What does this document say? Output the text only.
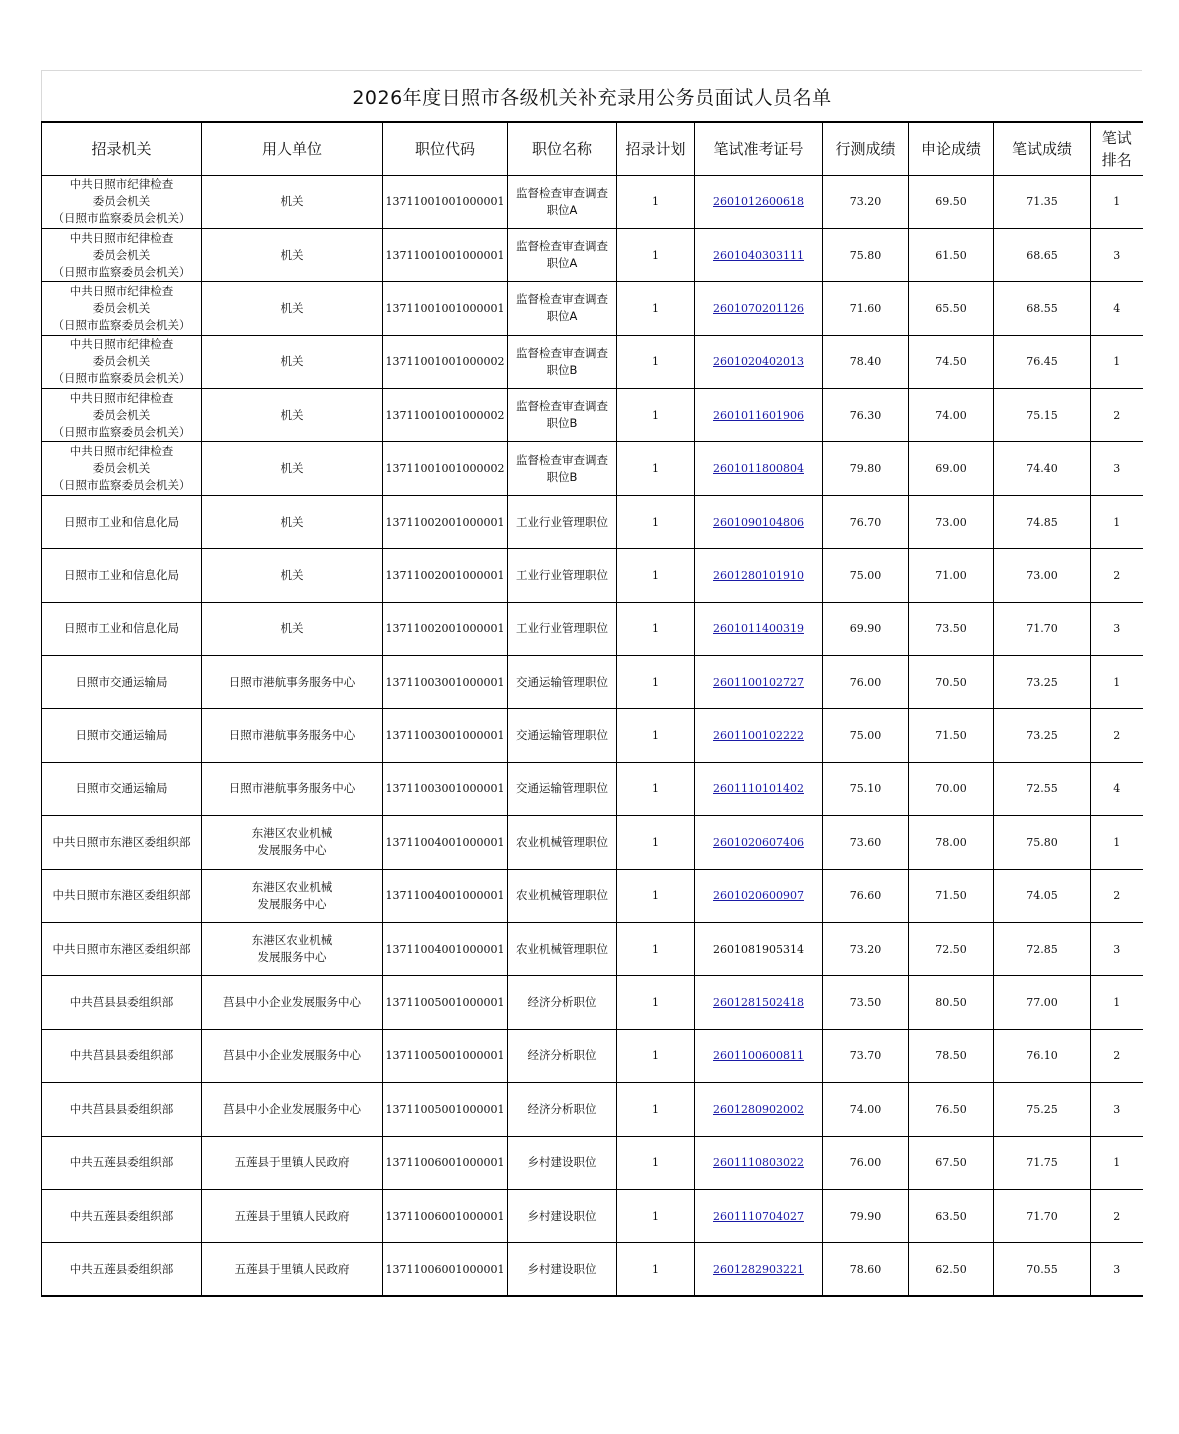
2026年度日照市各级机关补充录用公务员面试人员名单
招录机关	用人单位	职位代码	职位名称	招录计划	笔试准考证号	行测成绩	申论成绩	笔试成绩	笔试
排名
中共日照市纪律检查
委员会机关
（日照市监察委员会机关）	机关	13711001001000001	监督检查审查调查
职位A	1	2601012600618	73.20	69.50	71.35	1
中共日照市纪律检查
委员会机关
（日照市监察委员会机关）	机关	13711001001000001	监督检查审查调查
职位A	1	2601040303111	75.80	61.50	68.65	3
中共日照市纪律检查
委员会机关
（日照市监察委员会机关）	机关	13711001001000001	监督检查审查调查
职位A	1	2601070201126	71.60	65.50	68.55	4
中共日照市纪律检查
委员会机关
（日照市监察委员会机关）	机关	13711001001000002	监督检查审查调查
职位B	1	2601020402013	78.40	74.50	76.45	1
中共日照市纪律检查
委员会机关
（日照市监察委员会机关）	机关	13711001001000002	监督检查审查调查
职位B	1	2601011601906	76.30	74.00	75.15	2
中共日照市纪律检查
委员会机关
（日照市监察委员会机关）	机关	13711001001000002	监督检查审查调查
职位B	1	2601011800804	79.80	69.00	74.40	3
日照市工业和信息化局	机关	13711002001000001	工业行业管理职位	1	2601090104806	76.70	73.00	74.85	1
日照市工业和信息化局	机关	13711002001000001	工业行业管理职位	1	2601280101910	75.00	71.00	73.00	2
日照市工业和信息化局	机关	13711002001000001	工业行业管理职位	1	2601011400319	69.90	73.50	71.70	3
日照市交通运输局	日照市港航事务服务中心	13711003001000001	交通运输管理职位	1	2601100102727	76.00	70.50	73.25	1
日照市交通运输局	日照市港航事务服务中心	13711003001000001	交通运输管理职位	1	2601100102222	75.00	71.50	73.25	2
日照市交通运输局	日照市港航事务服务中心	13711003001000001	交通运输管理职位	1	2601110101402	75.10	70.00	72.55	4
中共日照市东港区委组织部	东港区农业机械
发展服务中心	13711004001000001	农业机械管理职位	1	2601020607406	73.60	78.00	75.80	1
中共日照市东港区委组织部	东港区农业机械
发展服务中心	13711004001000001	农业机械管理职位	1	2601020600907	76.60	71.50	74.05	2
中共日照市东港区委组织部	东港区农业机械
发展服务中心	13711004001000001	农业机械管理职位	1	2601081905314	73.20	72.50	72.85	3
中共莒县县委组织部	莒县中小企业发展服务中心	13711005001000001	经济分析职位	1	2601281502418	73.50	80.50	77.00	1
中共莒县县委组织部	莒县中小企业发展服务中心	13711005001000001	经济分析职位	1	2601100600811	73.70	78.50	76.10	2
中共莒县县委组织部	莒县中小企业发展服务中心	13711005001000001	经济分析职位	1	2601280902002	74.00	76.50	75.25	3
中共五莲县委组织部	五莲县于里镇人民政府	13711006001000001	乡村建设职位	1	2601110803022	76.00	67.50	71.75	1
中共五莲县委组织部	五莲县于里镇人民政府	13711006001000001	乡村建设职位	1	2601110704027	79.90	63.50	71.70	2
中共五莲县委组织部	五莲县于里镇人民政府	13711006001000001	乡村建设职位	1	2601282903221	78.60	62.50	70.55	3
